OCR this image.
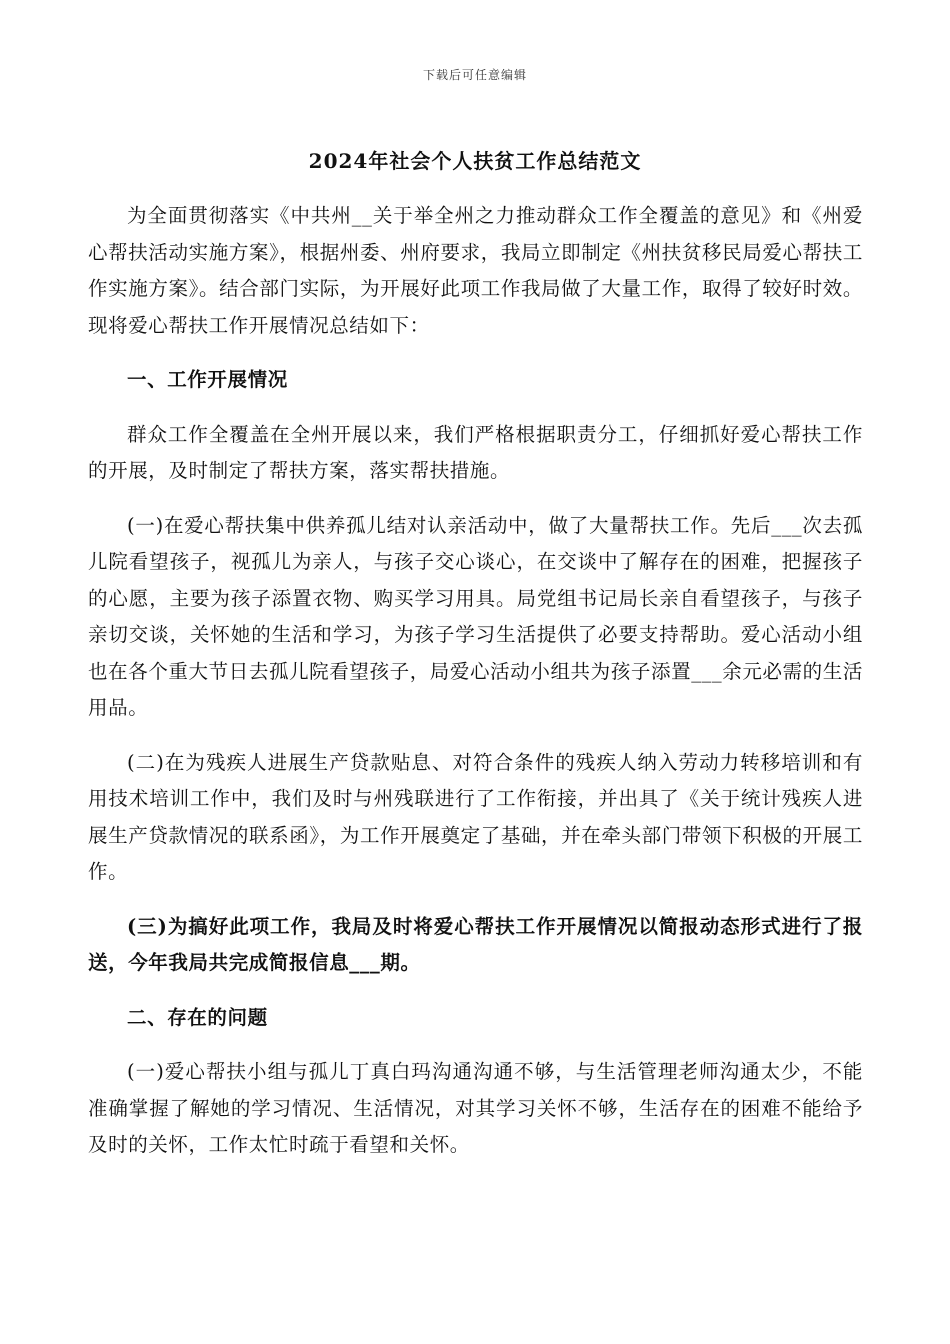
下载后可任意编辑
2024年社会个人扶贫工作总结范文

为全面贯彻落实《中共州__关于举全州之力推动群众工作全覆盖的意见》和《州爱心帮扶活动实施方案》，根据州委、州府要求，我局立即制定《州扶贫移民局爱心帮扶工作实施方案》。结合部门实际，为开展好此项工作我局做了大量工作，取得了较好时效。现将爱心帮扶工作开展情况总结如下：

一、工作开展情况

群众工作全覆盖在全州开展以来，我们严格根据职责分工，仔细抓好爱心帮扶工作的开展，及时制定了帮扶方案，落实帮扶措施。

(一)在爱心帮扶集中供养孤儿结对认亲活动中，做了大量帮扶工作。先后___次去孤儿院看望孩子，视孤儿为亲人，与孩子交心谈心，在交谈中了解存在的困难，把握孩子的心愿，主要为孩子添置衣物、购买学习用具。局党组书记局长亲自看望孩子，与孩子亲切交谈，关怀她的生活和学习，为孩子学习生活提供了必要支持帮助。爱心活动小组也在各个重大节日去孤儿院看望孩子，局爱心活动小组共为孩子添置___余元必需的生活用品。

(二)在为残疾人进展生产贷款贴息、对符合条件的残疾人纳入劳动力转移培训和有用技术培训工作中，我们及时与州残联进行了工作衔接，并出具了《关于统计残疾人进展生产贷款情况的联系函》，为工作开展奠定了基础，并在牵头部门带领下积极的开展工作。

(三)为搞好此项工作，我局及时将爱心帮扶工作开展情况以简报动态形式进行了报送，今年我局共完成简报信息___期。

二、存在的问题

(一)爱心帮扶小组与孤儿丁真白玛沟通沟通不够，与生活管理老师沟通太少，不能准确掌握了解她的学习情况、生活情况，对其学习关怀不够，生活存在的困难不能给予及时的关怀，工作太忙时疏于看望和关怀。
